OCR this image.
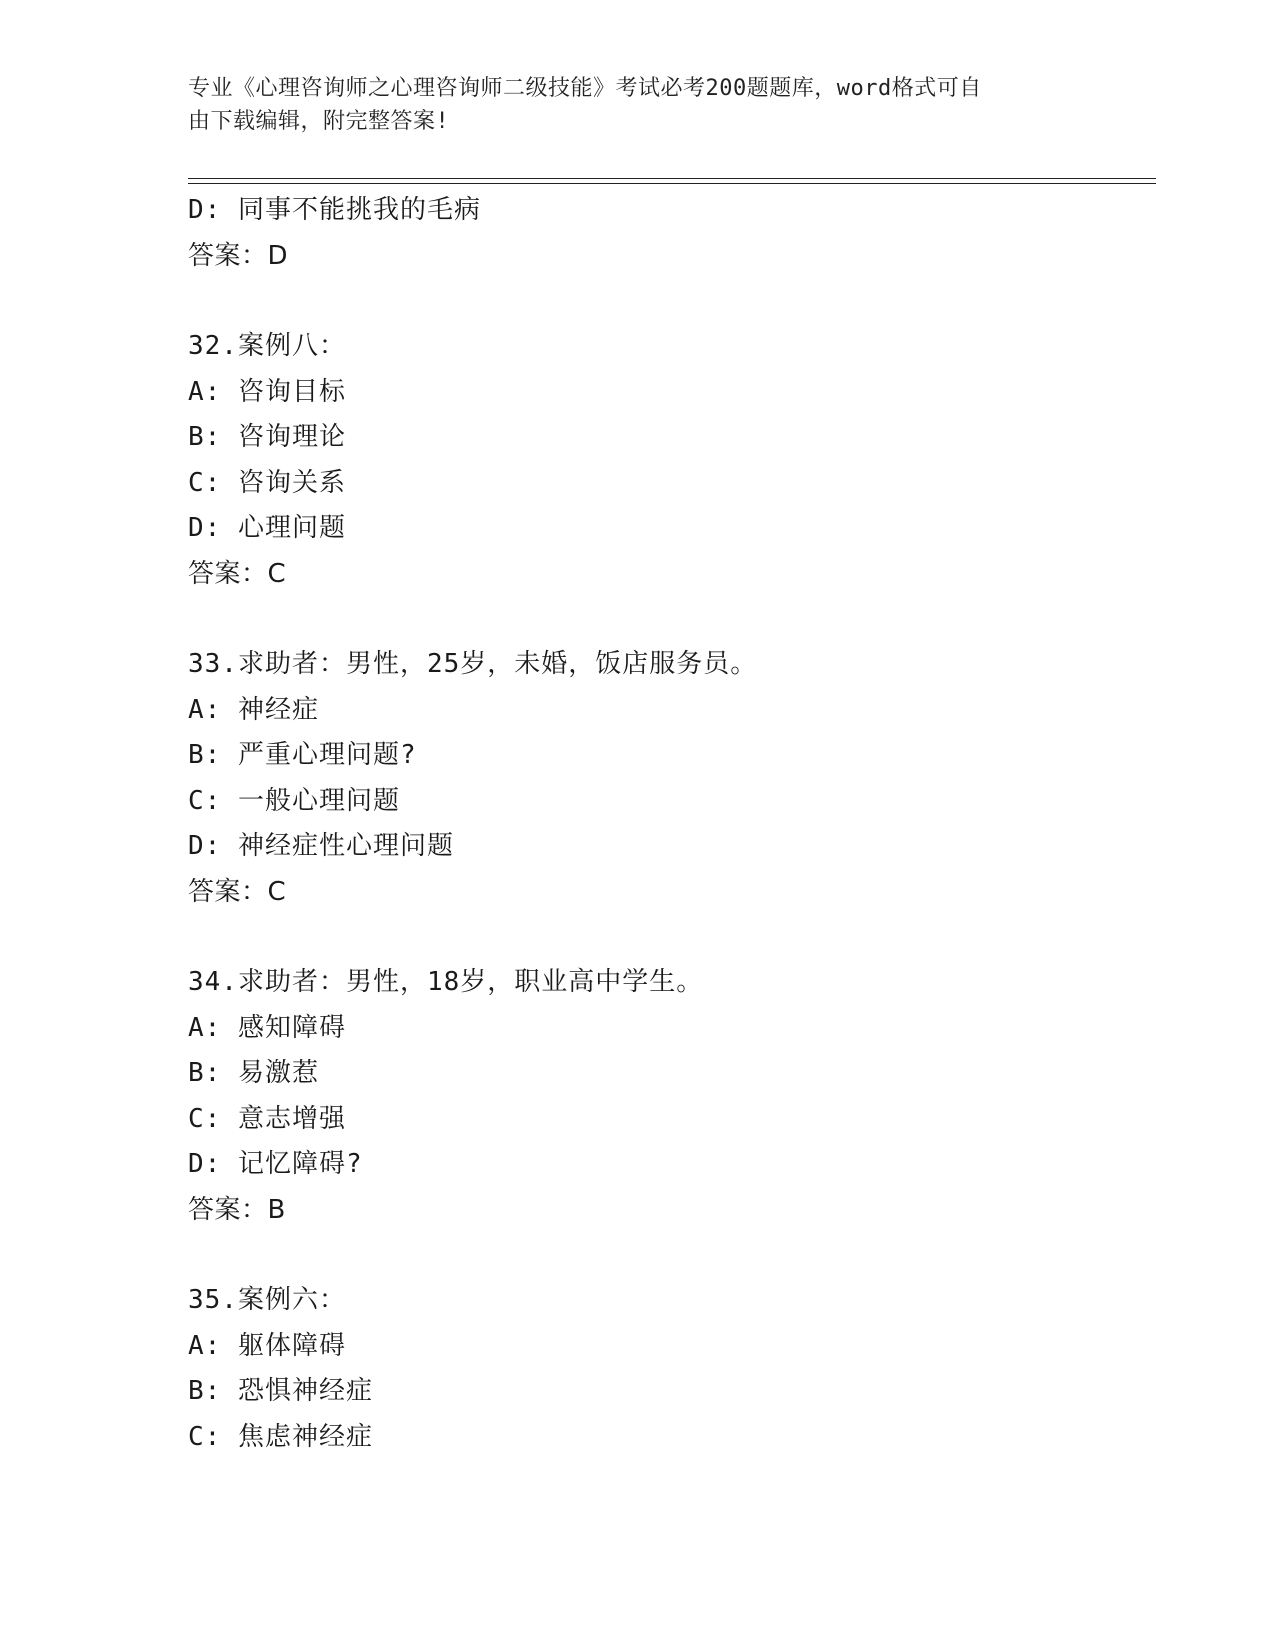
专业《心理咨询师之心理咨询师二级技能》考试必考200题题库，word格式可自
由下载编辑，附完整答案!
D: 同事不能挑我的毛病
答案：D
32.案例八：
A: 咨询目标
B: 咨询理论
C: 咨询关系
D: 心理问题
答案：C
33.求助者：男性，25岁，未婚，饭店服务员。
A: 神经症
B: 严重心理问题?
C: 一般心理问题
D: 神经症性心理问题
答案：C
34.求助者：男性，18岁，职业高中学生。
A: 感知障碍
B: 易激惹
C: 意志增强
D: 记忆障碍?
答案：B
35.案例六：
A: 躯体障碍
B: 恐惧神经症
C: 焦虑神经症
